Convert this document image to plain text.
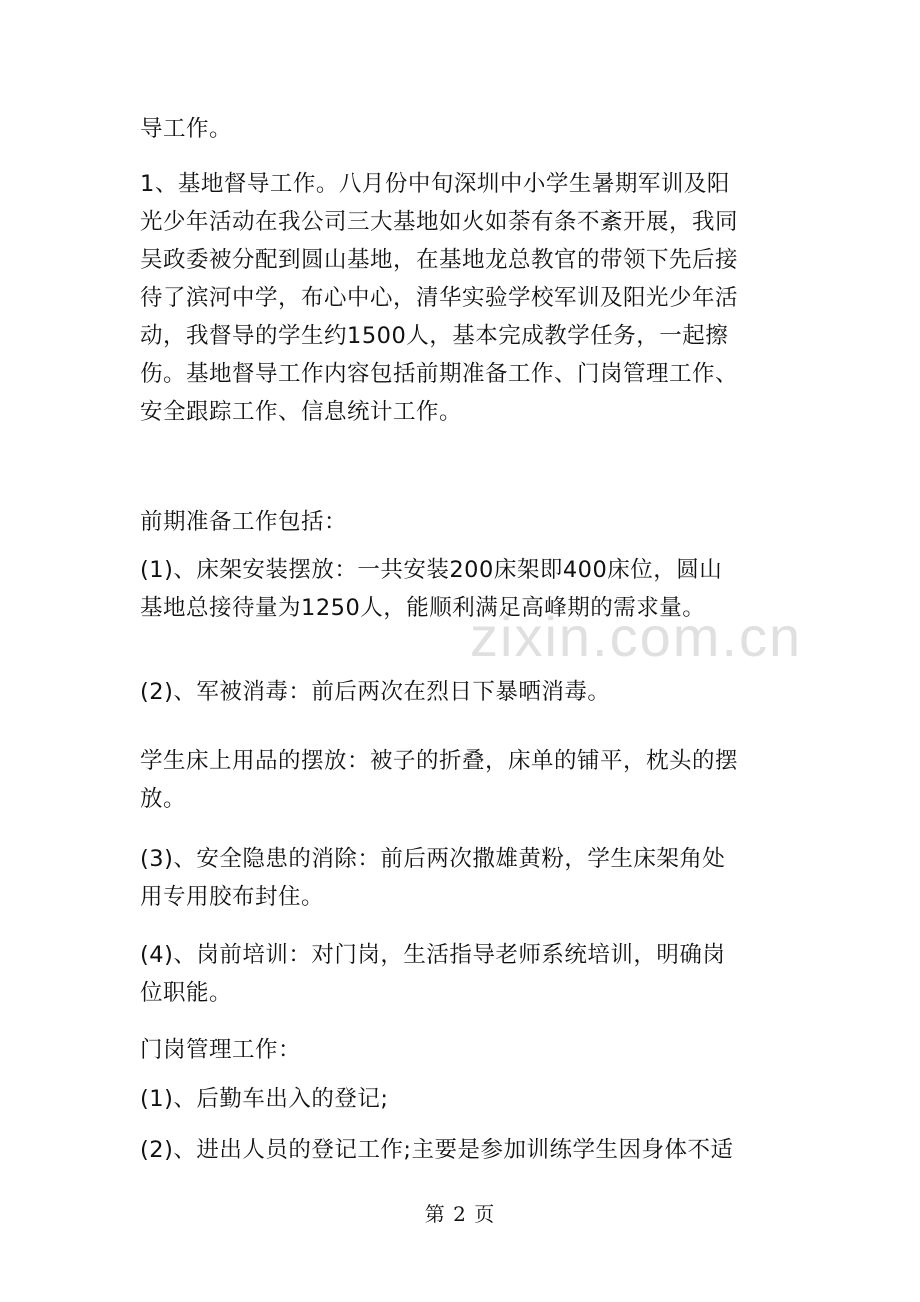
zixin.com.cn
导工作。
1、基地督导工作。八月份中旬深圳中小学生暑期军训及阳
光少年活动在我公司三大基地如火如荼有条不紊开展，我同
吴政委被分配到圆山基地，在基地龙总教官的带领下先后接
待了滨河中学，布心中心，清华实验学校军训及阳光少年活
动，我督导的学生约1500人，基本完成教学任务，一起擦
伤。基地督导工作内容包括前期准备工作、门岗管理工作、
安全跟踪工作、信息统计工作。
前期准备工作包括：
(1)、床架安装摆放：一共安装200床架即400床位，圆山
基地总接待量为1250人，能顺利满足高峰期的需求量。
(2)、军被消毒：前后两次在烈日下暴晒消毒。
学生床上用品的摆放：被子的折叠，床单的铺平，枕头的摆
放。
(3)、安全隐患的消除：前后两次撒雄黄粉，学生床架角处
用专用胶布封住。
(4)、岗前培训：对门岗，生活指导老师系统培训，明确岗
位职能。
门岗管理工作：
(1)、后勤车出入的登记;
(2)、进出人员的登记工作;主要是参加训练学生因身体不适
第 2 页
